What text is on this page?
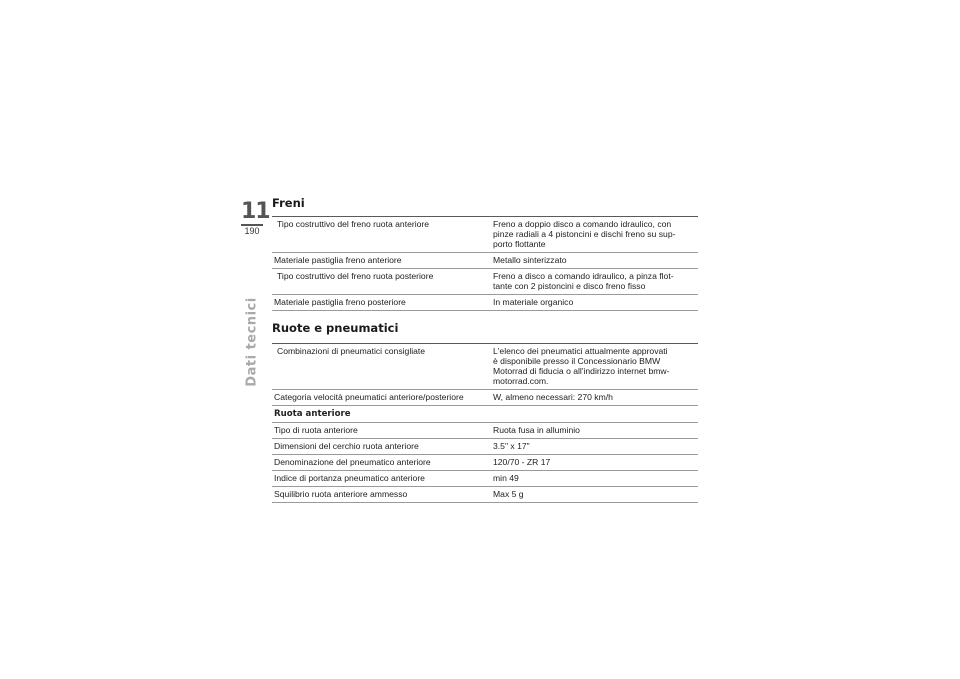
11
190
Dati tecnici
Freni
Tipo costruttivo del freno ruota anteriore	Freno a doppio disco a comando idraulico, con
pinze radiali a 4 pistoncini e dischi freno su sup-
porto flottante

Materiale pastiglia freno anteriore	Metallo sinterizzato

Tipo costruttivo del freno ruota posteriore	Freno a disco a comando idraulico, a pinza flot-
tante con 2 pistoncini e disco freno fisso

Materiale pastiglia freno posteriore	In materiale organico
Ruote e pneumatici
Combinazioni di pneumatici consigliate	L'elenco dei pneumatici attualmente approvati
è disponibile presso il Concessionario BMW
Motorrad di fiducia o all'indirizzo internet bmw-
motorrad.com.

Categoria velocità pneumatici anteriore/posteriore	W, almeno necessari: 270 km/h

Ruota anteriore	
Tipo di ruota anteriore	Ruota fusa in alluminio
Dimensioni del cerchio ruota anteriore	3.5" x 17"
Denominazione del pneumatico anteriore	120/70 - ZR 17
Indice di portanza pneumatico anteriore	min 49
Squilibrio ruota anteriore ammesso	Max 5 g
